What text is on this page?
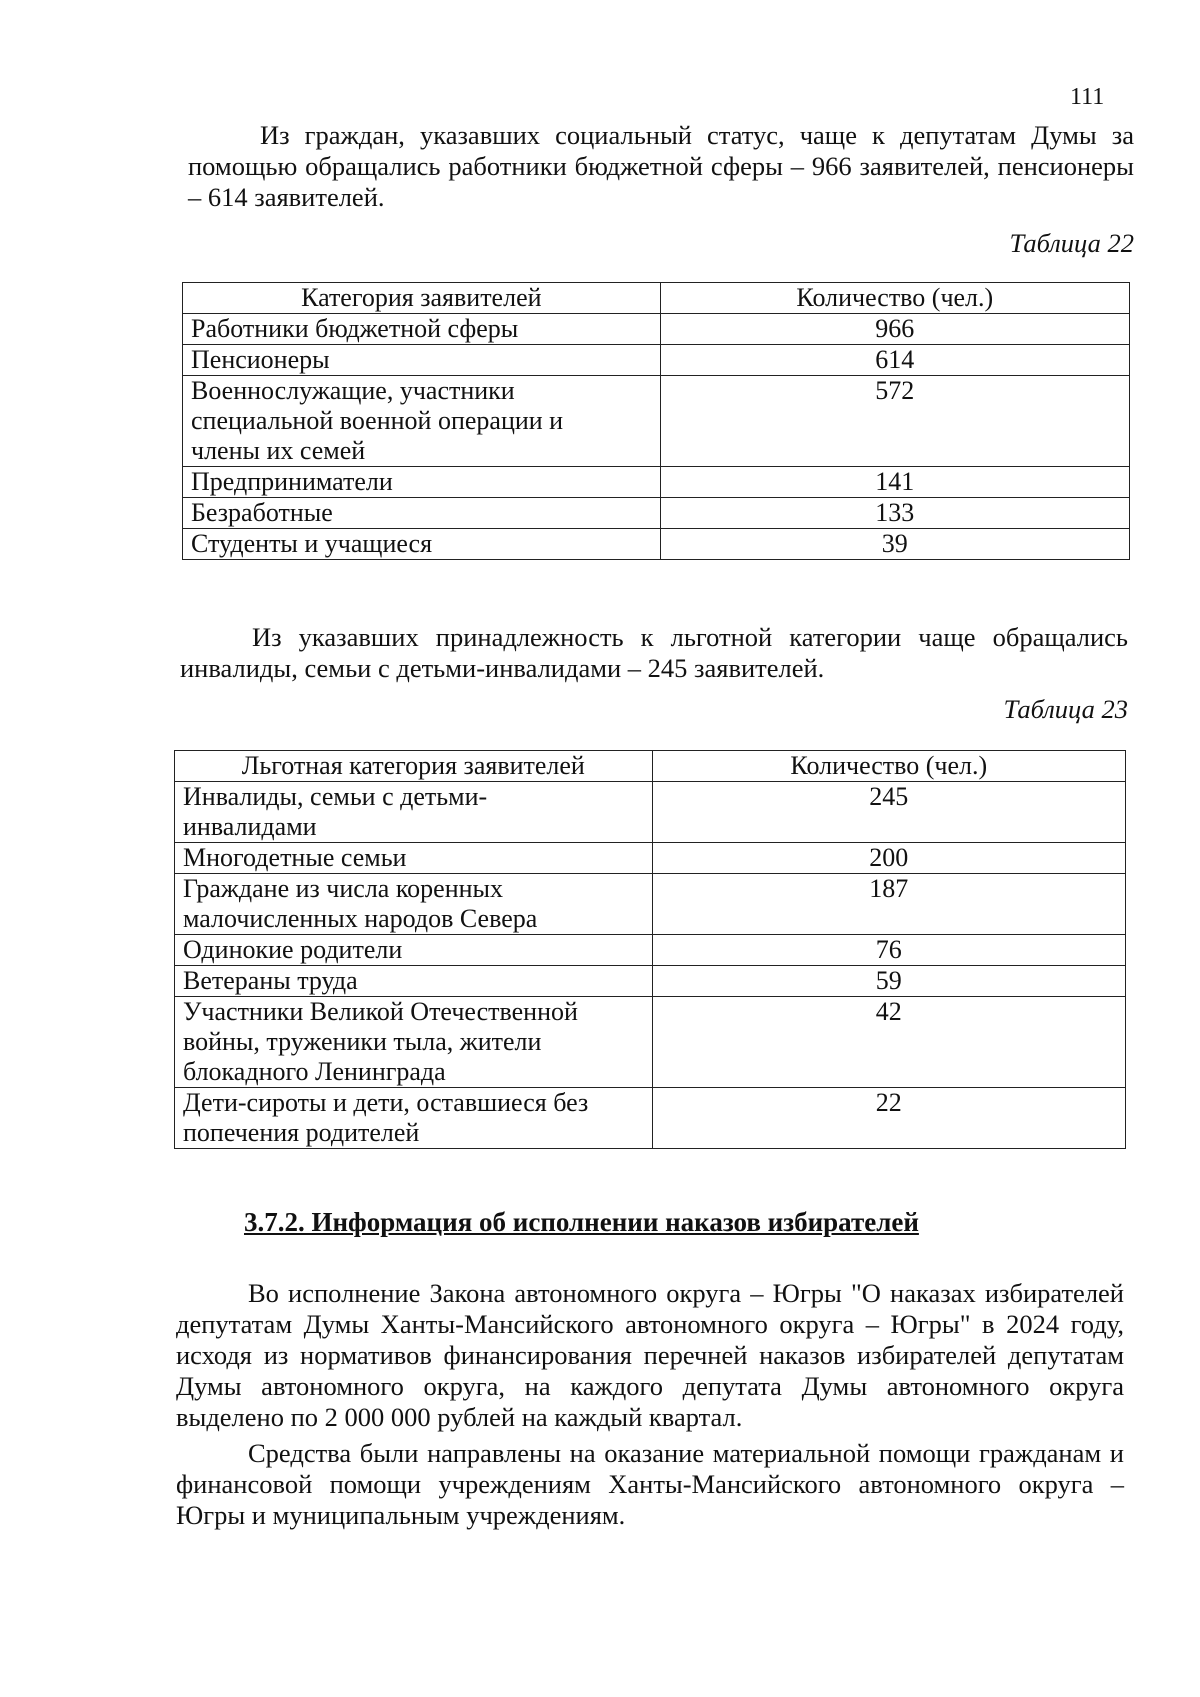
111

Из граждан, указавших социальный статус, чаще к депутатам Думы за помощью обращались работники бюджетной сферы – 966 заявителей, пенсионеры – 614 заявителей.

Таблица 22

Категория заявителей	Количество (чел.)
Работники бюджетной сферы	966
Пенсионеры	614
Военнослужащие, участники специальной военной операции и члены их семей	572
Предприниматели	141
Безработные	133
Студенты и учащиеся	39

Из указавших принадлежность к льготной категории чаще обращались инвалиды, семьи с детьми-инвалидами – 245 заявителей.

Таблица 23

Льготная категория заявителей	Количество (чел.)
Инвалиды, семьи с детьми-инвалидами	245
Многодетные семьи	200
Граждане из числа коренных малочисленных народов Севера	187
Одинокие родители	76
Ветераны труда	59
Участники Великой Отечественной войны, труженики тыла, жители блокадного Ленинграда	42
Дети-сироты и дети, оставшиеся без попечения родителей	22
3.7.2. Информация об исполнении наказов избирателей

Во исполнение Закона автономного округа – Югры "О наказах избирателей депутатам Думы Ханты-Мансийского автономного округа – Югры" в 2024 году, исходя из нормативов финансирования перечней наказов избирателей депутатам Думы автономного округа, на каждого депутата Думы автономного округа выделено по 2 000 000 рублей на каждый квартал.

Средства были направлены на оказание материальной помощи гражданам и финансовой помощи учреждениям Ханты-Мансийского автономного округа – Югры и муниципальным учреждениям.
